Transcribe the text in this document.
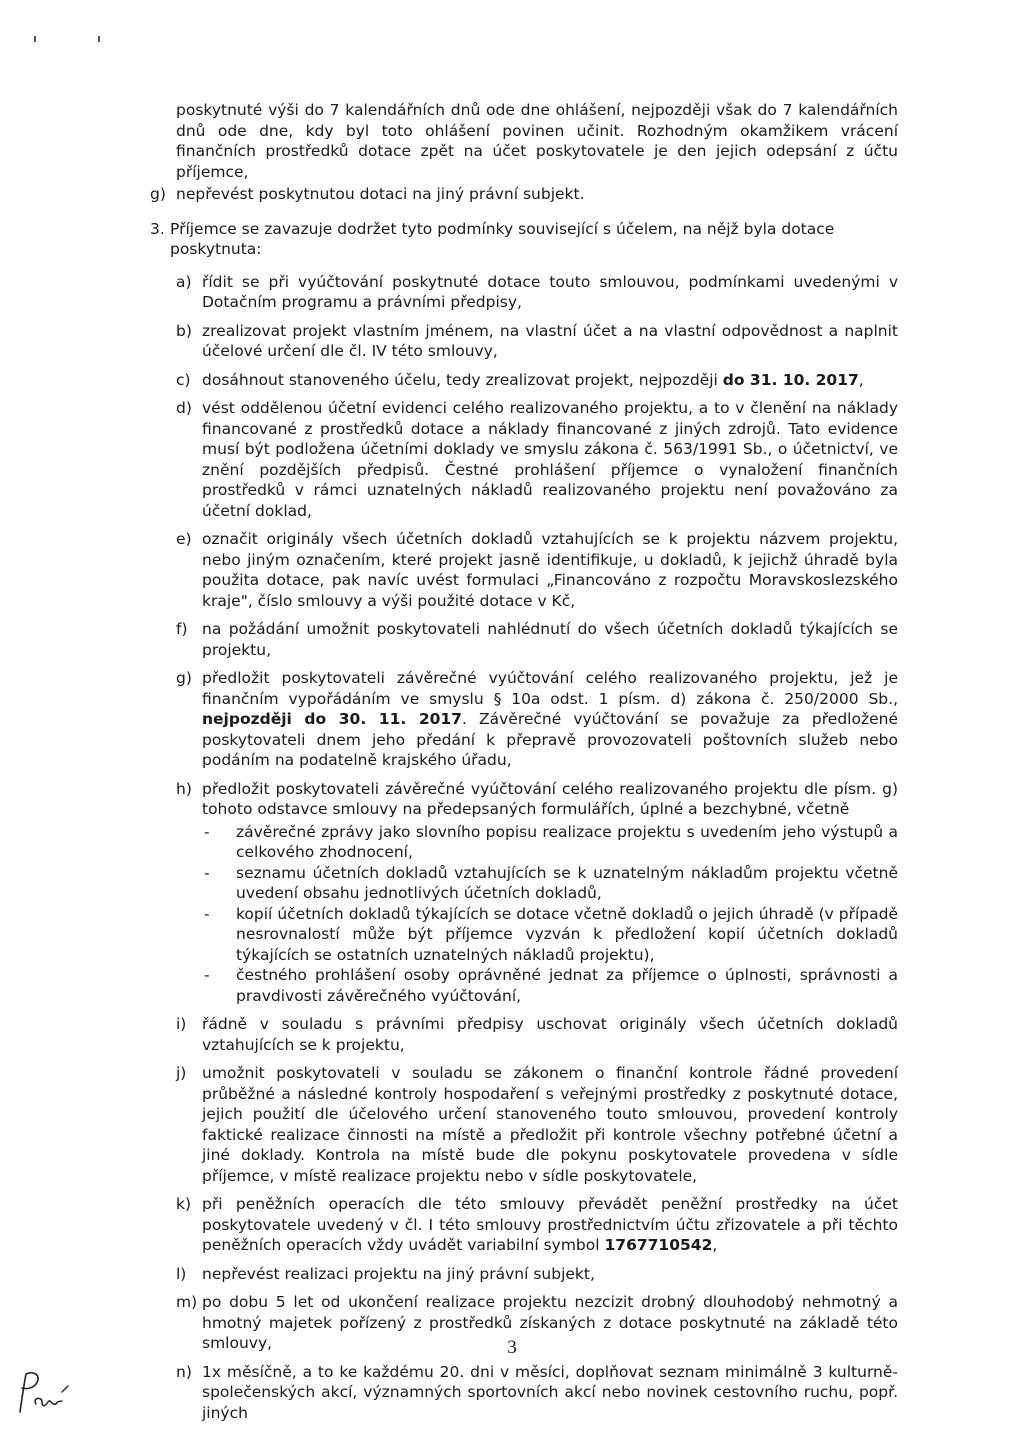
poskytnuté výši do 7 kalendářních dnů ode dne ohlášení, nejpozději však do 7 kalendářních dnů ode dne, kdy byl toto ohlášení povinen učinit. Rozhodným okamžikem vrácení finančních prostředků dotace zpět na účet poskytovatele je den jejich odepsání z účtu příjemce,

g) nepřevést poskytnutou dotaci na jiný právní subjekt.
3. Příjemce se zavazuje dodržet tyto podmínky související s účelem, na nějž byla dotace poskytnuta:
a) řídit se při vyúčtování poskytnuté dotace touto smlouvou, podmínkami uvedenými v Dotačním programu a právními předpisy,
b) zrealizovat projekt vlastním jménem, na vlastní účet a na vlastní odpovědnost a naplnit účelové určení dle čl. IV této smlouvy,
c) dosáhnout stanoveného účelu, tedy zrealizovat projekt, nejpozději do 31. 10. 2017,
d) vést oddělenou účetní evidenci celého realizovaného projektu, a to v členění na náklady financované z prostředků dotace a náklady financované z jiných zdrojů. Tato evidence musí být podložena účetními doklady ve smyslu zákona č. 563/1991 Sb., o účetnictví, ve znění pozdějších předpisů. Čestné prohlášení příjemce o vynaložení finančních prostředků v rámci uznatelných nákladů realizovaného projektu není považováno za účetní doklad,
e) označit originály všech účetních dokladů vztahujících se k projektu názvem projektu, nebo jiným označením, které projekt jasně identifikuje, u dokladů, k jejichž úhradě byla použita dotace, pak navíc uvést formulaci „Financováno z rozpočtu Moravskoslezského kraje", číslo smlouvy a výši použité dotace v Kč,
f) na požádání umožnit poskytovateli nahlédnutí do všech účetních dokladů týkajících se projektu,
g) předložit poskytovateli závěrečné vyúčtování celého realizovaného projektu, jež je finančním vypořádáním ve smyslu § 10a odst. 1 písm. d) zákona č. 250/2000 Sb., nejpozději do 30. 11. 2017. Závěrečné vyúčtování se považuje za předložené poskytovateli dnem jeho předání k přepravě provozovateli poštovních služeb nebo podáním na podatelně krajského úřadu,
h) předložit poskytovateli závěrečné vyúčtování celého realizovaného projektu dle písm. g) tohoto odstavce smlouvy na předepsaných formulářích, úplné a bezchybné, včetně
-	závěrečné zprávy jako slovního popisu realizace projektu s uvedením jeho výstupů a celkového zhodnocení,
-	seznamu účetních dokladů vztahujících se k uznatelným nákladům projektu včetně uvedení obsahu jednotlivých účetních dokladů,
-	kopií účetních dokladů týkajících se dotace včetně dokladů o jejich úhradě (v případě nesrovnalostí může být příjemce vyzván k předložení kopií účetních dokladů týkajících se ostatních uznatelných nákladů projektu),
-	čestného prohlášení osoby oprávněné jednat za příjemce o úplnosti, správnosti a pravdivosti závěrečného vyúčtování,
i)	řádně v souladu s právními předpisy uschovat originály všech účetních dokladů vztahujících se k projektu,
j)	umožnit poskytovateli v souladu se zákonem o finanční kontrole řádné provedení průběžné a následné kontroly hospodaření s veřejnými prostředky z poskytnuté dotace, jejich použití dle účelového určení stanoveného touto smlouvou, provedení kontroly faktické realizace činnosti na místě a předložit při kontrole všechny potřebné účetní a jiné doklady. Kontrola na místě bude dle pokynu poskytovatele provedena v sídle příjemce, v místě realizace projektu nebo v sídle poskytovatele,
k) při peněžních operacích dle této smlouvy převádět peněžní prostředky na účet poskytovatele uvedený v čl. I této smlouvy prostřednictvím účtu zřizovatele a při těchto peněžních operacích vždy uvádět variabilní symbol 1767710542,
l)	nepřevést realizaci projektu na jiný právní subjekt,
m) po dobu 5 let od ukončení realizace projektu nezcizit drobný dlouhodobý nehmotný a hmotný majetek pořízený z prostředků získaných z dotace poskytnuté na základě této smlouvy,
n) 1x měsíčně, a to ke každému 20. dni v měsíci, doplňovat seznam minimálně 3 kulturně-společenských akcí, významných sportovních akcí nebo novinek cestovního ruchu, popř. jiných
3
